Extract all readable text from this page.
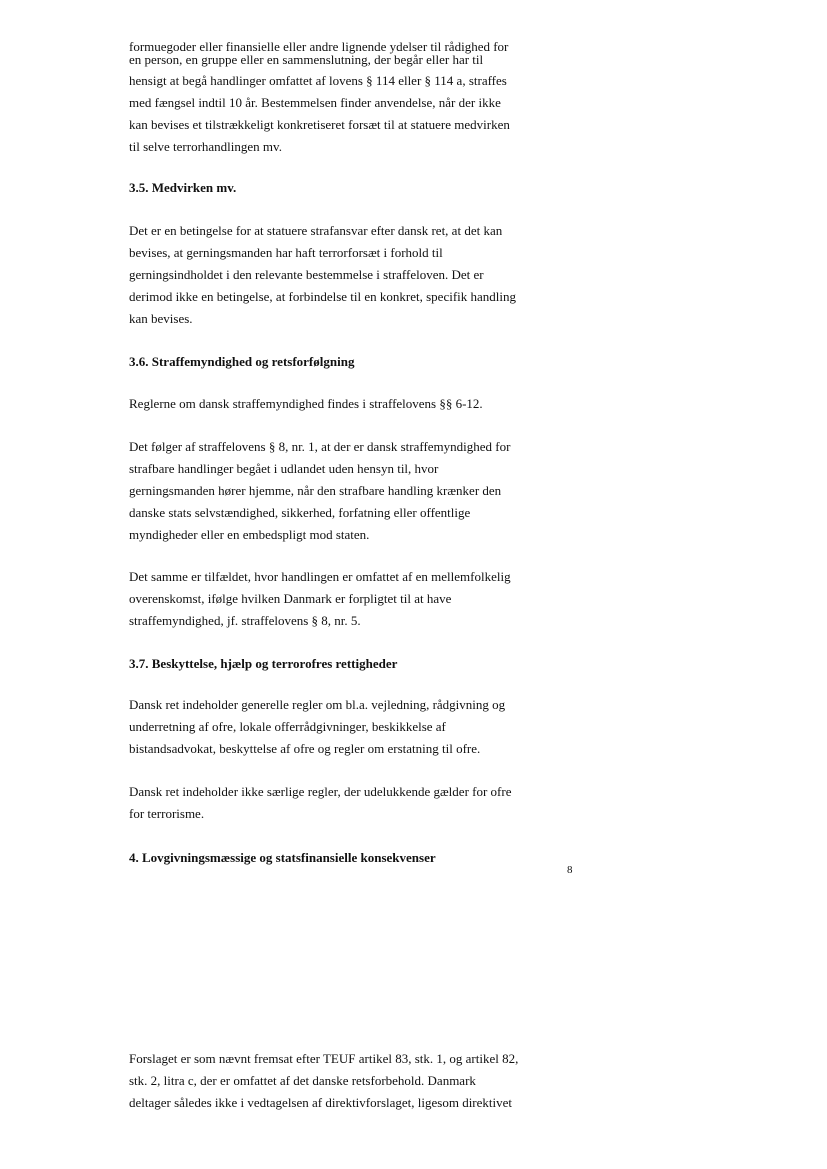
formuegoder eller finansielle eller andre lignende ydelser til rådighed for
en person, en gruppe eller en sammenslutning, der begår eller har til

hensigt at begå handlinger omfattet af lovens § 114 eller § 114 a, straffes
med fængsel indtil 10 år. Bestemmelsen finder anvendelse, når der ikke
kan bevises et tilstrækkeligt konkretiseret forsæt til at statuere medvirken
til selve terrorhandlingen mv.

3.5. Medvirken mv.

Det er en betingelse for at statuere strafansvar efter dansk ret, at det kan
bevises, at gerningsmanden har haft terrorforsæt i forhold til
gerningsindholdet i den relevante bestemmelse i straffeloven. Det er
derimod ikke en betingelse, at forbindelse til en konkret, specifik handling
kan bevises.

3.6. Straffemyndighed og retsforfølgning

Reglerne om dansk straffemyndighed findes i straffelovens §§ 6-12.

Det følger af straffelovens § 8, nr. 1, at der er dansk straffemyndighed for
strafbare handlinger begået i udlandet uden hensyn til, hvor
gerningsmanden hører hjemme, når den strafbare handling krænker den
danske stats selvstændighed, sikkerhed, forfatning eller offentlige
myndigheder eller en embedspligt mod staten.

Det samme er tilfældet, hvor handlingen er omfattet af en mellemfolkelig
overenskomst, ifølge hvilken Danmark er forpligtet til at have
straffemyndighed, jf. straffelovens § 8, nr. 5.

3.7. Beskyttelse, hjælp og terrorofres rettigheder

Dansk ret indeholder generelle regler om bl.a. vejledning, rådgivning og
underretning af ofre, lokale offerrådgivninger, beskikkelse af
bistandsadvokat, beskyttelse af ofre og regler om erstatning til ofre.

Dansk ret indeholder ikke særlige regler, der udelukkende gælder for ofre
for terrorisme.

4. Lovgivningsmæssige og statsfinansielle konsekvenser
8

Forslaget er som nævnt fremsat efter TEUF artikel 83, stk. 1, og artikel 82,
stk. 2, litra c, der er omfattet af det danske retsforbehold. Danmark
deltager således ikke i vedtagelsen af direktivforslaget, ligesom direktivet
